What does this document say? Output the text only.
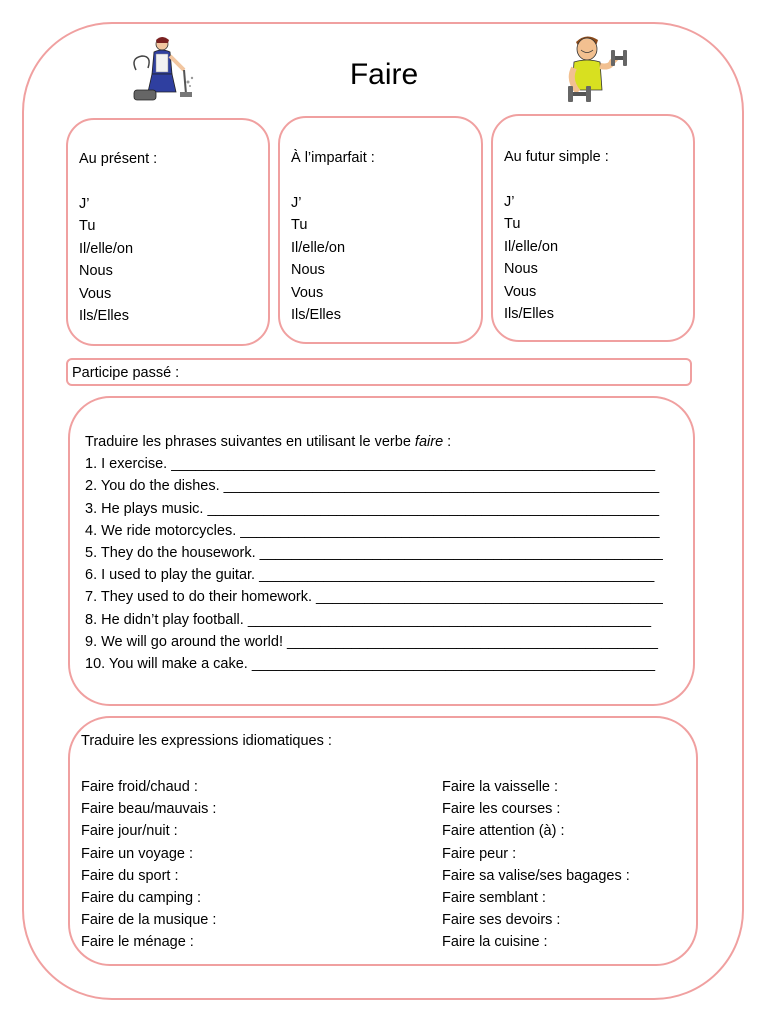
Faire
Au présent :
J’
Tu
Il/elle/on
Nous
Vous
Ils/Elles
À l’imparfait :
J’
Tu
Il/elle/on
Nous
Vous
Ils/Elles
Au futur simple :
J’
Tu
Il/elle/on
Nous
Vous
Ils/Elles
Participe passé :
Traduire les phrases suivantes en utilisant le verbe faire :
1. I exercise. ____________________________________________________________
2. You do the dishes. ______________________________________________________
3. He plays music. ________________________________________________________
4. We ride motorcycles. ____________________________________________________
5. They do the housework. __________________________________________________
6. I used to play the guitar. _________________________________________________
7. They used to do their homework. ___________________________________________
8. He didn’t play football. __________________________________________________
9. We will go around the world! ______________________________________________
10. You will make a cake. __________________________________________________
Traduire les expressions idiomatiques :
Faire froid/chaud :
Faire beau/mauvais :
Faire jour/nuit :
Faire un voyage :
Faire du sport :
Faire du camping :
Faire de la musique :
Faire le ménage :
Faire la vaisselle :
Faire les courses :
Faire attention (à) :
Faire peur :
Faire sa valise/ses bagages :
Faire semblant :
Faire ses devoirs :
Faire la cuisine :
